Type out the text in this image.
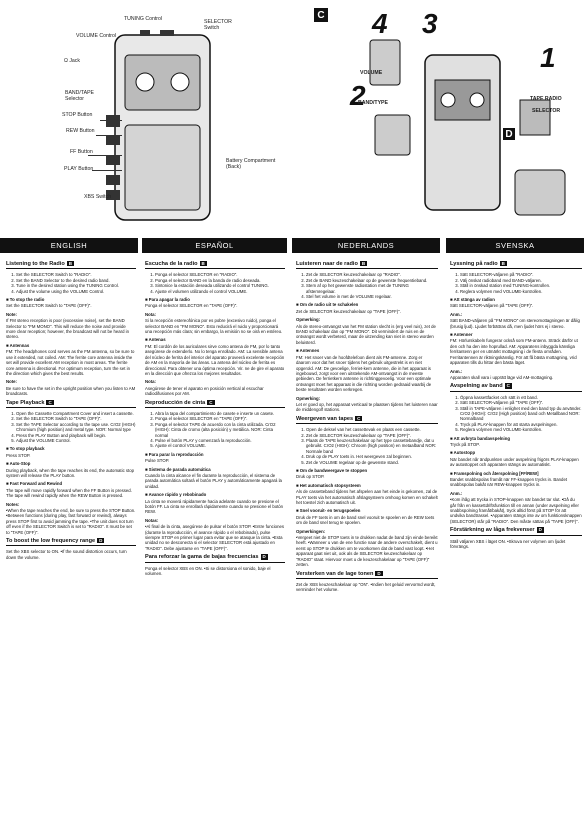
TUNING Control	SELECTOR Switch
VOLUME Control
Ω Jack
BAND/TAPE Selector
STOP Button
REW Button
FF Button
PLAY Button
XBS Switch
Battery Compartment (Back)
C 4 3
2
1
VOLUME
BAND/TYPE
TAPE RADIO
SELECTOR
D
ENGLISH	ESPAÑOL	NEDERLANDS	SVENSKA
Listening to the Radio B
1. Set the SELECTOR Switch to "RADIO".
2. Set the BAND Selector to the desired radio band.
3. Tune in the desired station using the TUNING Control.
4. Adjust the volume using the VOLUME Control.
■ To stop the radio

Set the SELECTOR Switch to "TAPE (OFF)".

Note:

If FM stereo reception is poor (excessive noise), set the BAND Selector to "FM MONO". This will reduce the noise and provide more clear reception; however, the broadcast will not be heard in stereo.

■ Antennas

FM: The headphones cord serves as the FM antenna, so be sure to use it extended, not coiled. AM: The ferrite core antenna inside the set will provide excellent AM reception in most areas. The ferrite core antenna is directional. For optimum reception, turn the set in the direction which gives the best results.

Note:

Be sure to have the set in the upright position when you listen to AM broadcasts.

Tape Playback C
1. Open the Cassette Compartment Cover and insert a cassette.
2. Set the SELECTOR Switch to "TAPE (OFF)".
3. Set the TAPE Selector according to the tape use. CrO2 (HIGH) Chromium (high position) and metal type. NOR: Normal type
4. Press the PLAY Button and playback will begin.
5. Adjust the VOLUME Control.
■ To stop playback

Press STOP.

■ Auto-Stop

During playback, when the tape reaches its end, the automatic stop system will release the PLAY button.

■ Fast Forward and Rewind

The tape will move rapidly forward when the FF Button is pressed. The tape will rewind rapidly when the REW Button is pressed.

Notes:

•When the tape reaches the end, be sure to press the STOP Button. •Between functions (during play, fast forward or rewind), always press STOP first to avoid jamming the tape. •The unit does not turn off even if the SELECTOR Switch is set to "RADIO". It must be set to "TAPE (OFF)".

To boost the low frequency range D

Set the XBS selector to ON. •If the sound distortion occurs, turn down the volume.

Escucha de la radio B
1. Ponga el selector SELECTOR en "RADIO".
2. Ponga el selector BAND en la banda de radio deseada.
3. Sintonice la estación deseada utilizando el control TUNING.
4. Ajuste el volumen utilizando el control VOLUME.
■ Para apagar la radio

Ponga el selector SELECTOR en "TAPE (OFF)".

Nota:

Si la recepción estereofónica por es pobre (excesivo ruido), ponga el selector BAND en "FM MONO". Esto reducirá el ruido y proporcionará una recepción más clara; sin embargo, la emisión no se oirá en estéreo.

■ Antenas

FM: El cordón de los auriculares sirve como antena de FM, por lo tanto asegúrese de extenderlo. No lo tenga enrollado. AM: La sensible antena del núcleo de ferrita del interior del aparato proveerá excelente recepción de AM en la mayoría de las áreas. La antena del núcleo de ferrita es direccional. Para obtener una óptima recepción. Vir. ne de gire el aparato en la dirección que ofrezca los mejores resultados.

Nota:

Asegúrese de tener el aparato en posición vertical al escuchar radiodifusiones por AM.

Reproducción de cinta C
1. Abra la tapa del compartimiento de casete e inserte un casete.
2. Ponga el selector SELECTOR en "TAPE (OFF)".
3. Ponga el selector TAPE de acuerdo con la cinta utilizada. CrO2 (HIGH): Cinta de cromo (alta posición) y metálica. NOR: Cinta normal
4. Pulse el botón PLAY y comenzará la reproducción.
5. Ajuste el control VOLUME.
■ Para parar la reproducción

Pulse STOP.

■ Sistema de parada automática

Cuando la cinta alcance el fin durante la reproducción, el sistema de parada automática soltará el botón PLAY y automáticamente apagará la unidad.

■ Avance rápido y rebobinado

La cinta se moverá rápidamente hacia adelante cuando se presione el botón FF. La cinta se enrollará rápidamente cuando se presione el botón REW.

Notas:

•Al final de la cinta, asegúrese de pulsar el botón STOP. •Entre funciones (durante la reproducción, el avance rápido o el rebobinado), pulse siempre STOP en primer lugar para evitar que se atasque la cinta. •Esta unidad no se desconecta si el selector SELECTOR está ajustado en "RADIO". Debe ajustarse en "TAPE (OFF)".

Para reforzar la gama de bajas frecuencias D

Ponga el selector XBS en ON. •Si se distorsiona el sonido, baje el volumen.

Luisteren naar de radio B
1. Zet de SELECTOR keuzeschakelaar op "RADIO".
2. Zet de BAND keuzeschakelaar op de gewenste frequentieband.
3. Stem af op het gewenste radiostation met de TUNING afstemregelaar.
4. Stel het volume in met de VOLUME regelaar.
■ Om de radio uit te schakelen

Zet de SELECTOR keuzeschakelaar op "TAPE (OFF)".

Opmerking:

Als de stereo-ontvangst van het FM station slecht is (erg veel ruis), zet de BAND schakelaar dan op "FM MONO". Dit vermindert de ruis en de ontvangst wordt verbeterd, maar de uitzending kan niet in stereo worden beluisterd.

■ Antennes

FM: Het snoer van de hoofdtelefoon dient als FM-antenne. Zorg er daarom voor dat het snoer tijdens het gebruik uitgestrekt is en niet opgerold. AM: De gevoelige, ferriet-kern antenne, die in het apparaat is ingebouwd, zorgt voor een uitstekende AM-ontvangst in de meeste gebieden. De ferrietkern antenne is richtinggevoelig. Voor een optimale ontvangst moet het apparaat in die richting worden gedraaid waarbij de beste resultaten worden verkregen.

Opmerking:

Let er goed op, het apparaat verticaal te plaatsen tijdens het luisteren naar de middengolf stations.

Weergeven van tapes C
1. Open de deksel van het cassettevak en plaats een cassette.
2. Zet de SELECTOR keuzeschakelaar op "TAPE (OFF)".
3. Plaats de TAPE keuzeschakelaar op het type cassettebandje, dat u gebruikt. CrO2 (HIGH): Chroom (high position) en metaalband NOR: Normale band
4. Druk op de PLAY toets in. Het weergeven zal beginnen.
5. Zet de VOLUME regelaar op de gewenste stand.
■ Om de bandweergave te stoppen

Druk op STOP.

■ Het automatisch stopsysteem

Als de cassetteband tijdens het afspelen aan het einde is gekomen, zal de PLAY toets via het automatisch afslagsysteem omhoog komen en schakelt het toestel zich automatisch uit.

■ Snel vooruit- en terugspoelen

Druk de FF toets in om de band snel vooruit te spoelen en de REW toets om de band snel terug te spoelen.

Opmerkingen:

•Vergeet niet de STOP toets in te drukken nadat de band zijn einde bereikt heeft. •Wanneer u van de ene functie naar de andere overschakelt, dient u eerst op STOP te drukken om te voorkomen dat de band vast loopt. •Het apparaat gaat niet uit, ook als de SELECTOR keuzeschakelaar op "RADIO" staat. Hiervoor moet u de keuzeschakelaar op "TAPE (OFF)" zetten.

Versterken van de lage tonen D

Zet de XBS keuzeschakelaar op "ON". •Indien het geluid vervormd wordt, verminder het volume.

Lyssning på radio B
1. Sätt SELECTOR-väljaren på "RADIO".
2. Välj önskat radioband med BAND-väljaren.
3. Ställ in önskad station med TUNING-kontrollen.
4. Reglera volymen med VOLUME-kontrollen.
■ Att stänga av radion

Sätt SELECTOR-väljaren på "TAPE (OFF)".

Anm.:

Sätt BAND-väljaren på "FM MONO" om stereomottagningen är dålig (brusig ljud). Ljudet förbättras då, men ljudet hörs ej i stereo.

■ Antenner

FM: Hörlurskabeln fungerar också som FM-antenn. Sträck därför ut den och ha den inte hoprullad. AM: Apparatens inbyggda känsliga ferritantenn ger en utmärkt mottagning i de flesta områden. Ferritantennen är riktningskänslig. För att få bästa mottagning, vrid apparaten tills du hittar den bästa läget.

Anm.:

Apparaten skall vara i upprätt läge vid AM-mottagning.

Avspelning av band C
1. Öppna kassettfacket och sätt in ett band.
2. Sätt SELECTOR-väljaren på "TAPE (OFF)".
3. Ställ in TAPE-väljaren i enlighet med den band typ du använder. CrO2 (HIGH): CrO2 (High position) band och Metallband NOR: Normalband
4. Tryck på PLAY-knappen för att starta avspelningen.
5. Reglera volymen med VOLUME-kontrollen.
■ Att avbryta bandavspelning

Tryck på STOP.

■ Autostopp

När bandet når ändpunkten under avspelning frigörs PLAY-knappen av autostoppet och apparaten stängs av automatiskt.

■ Framspolning och återspolning [FF/REW]

Bandet snabbspolas framåt när FF-knappen trycks in. Bandet snabbspolas bakåt när REW-knappen trycks in.

Anm.:

•Kom ihåg att trycka in STOP-knappen när bandet tar slut. •Då du går från en kassettdriftsfunktion till en annan (under avspelning eller snabbspolning framåt/bakåt), tryck alltid först på STOP för att undvika bandtrassel. •Apparaten stängs inte av om funktionsknappen (SELECTOR) står på "RADIO". Den måste sättas på "TAPE (OFF)".

Förstärkning av låga frekvenser D

Ställ väljaren XBS i läget ON. •Skruva ner volymen om ljudet förvrängs.
